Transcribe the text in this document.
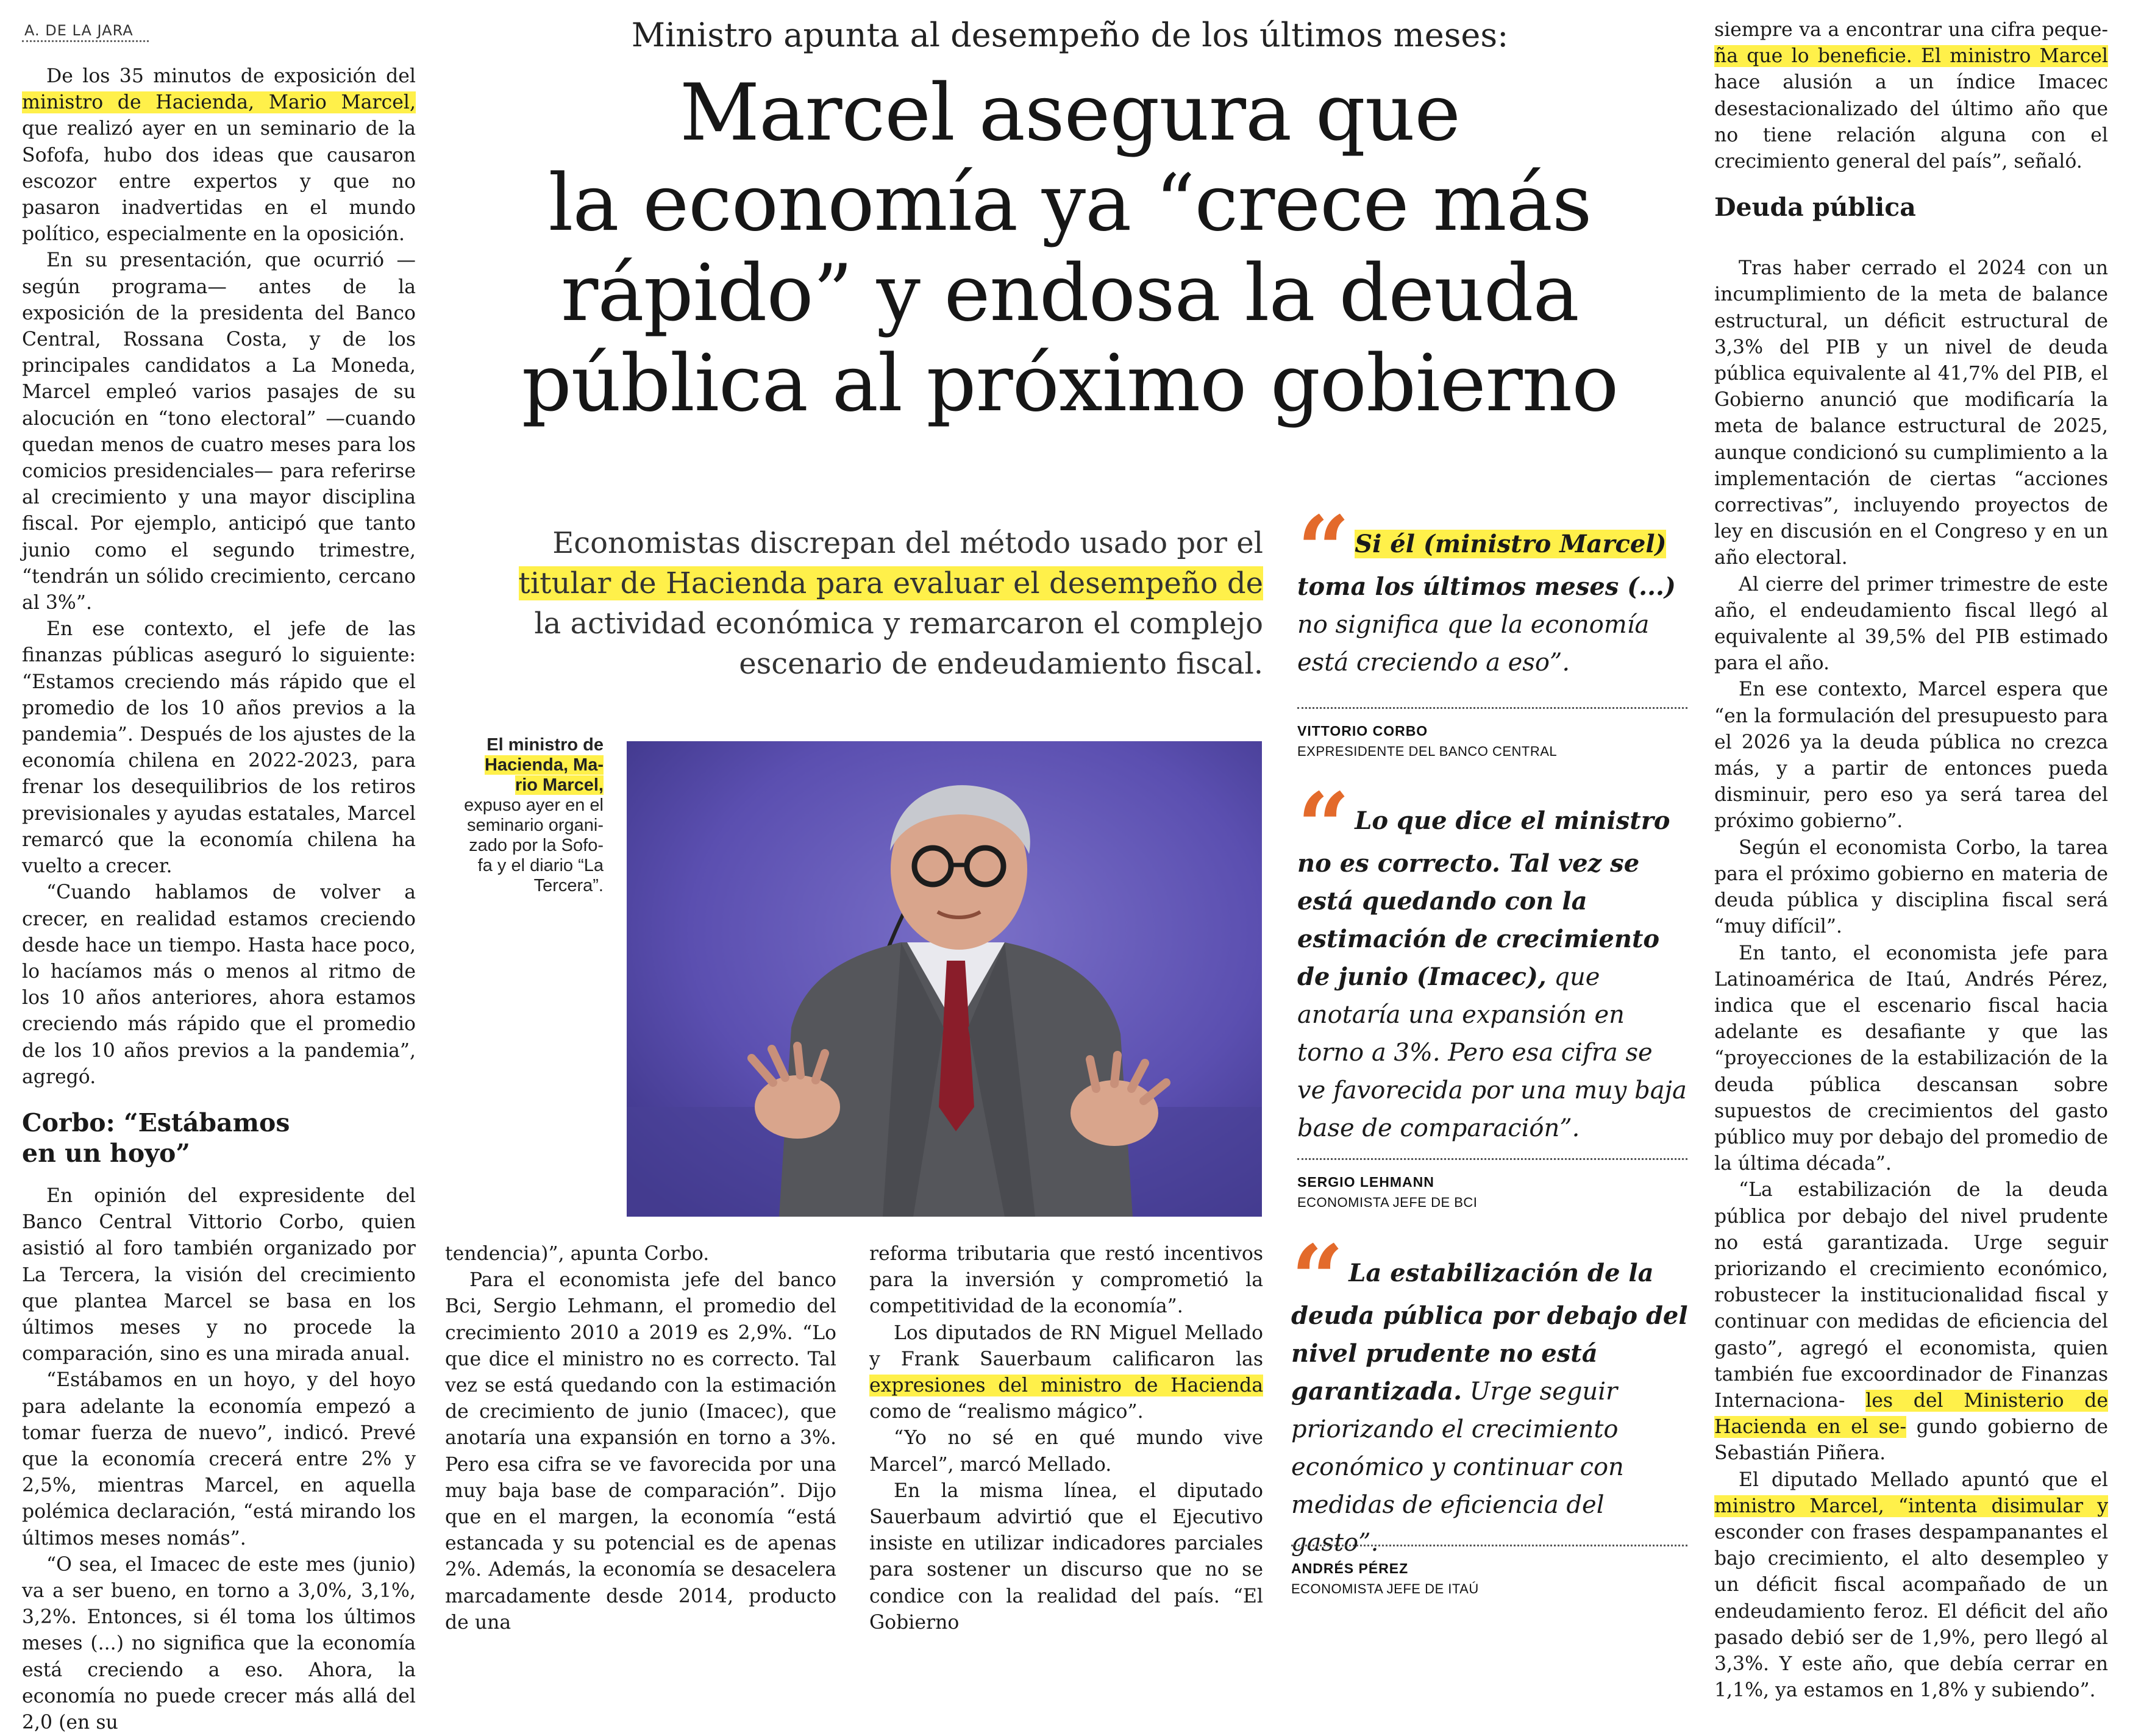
A. DE LA JARA

De los 35 minutos de exposición del ministro de Hacienda, Mario Marcel, que realizó ayer en un seminario de la Sofofa, hubo dos ideas que causaron escozor entre expertos y que no pasaron inadvertidas en el mundo político, especialmente en la oposición.

En su presentación, que ocurrió —según programa— antes de la exposición de la presidenta del Banco Central, Rossana Costa, y de los principales candidatos a La Moneda, Marcel empleó varios pasajes de su alocución en “tono electoral” —cuando quedan menos de cuatro meses para los comicios presidenciales— para referirse al crecimiento y una mayor disciplina fiscal. Por ejemplo, anticipó que tanto junio como el segundo trimestre, “tendrán un sólido crecimiento, cercano al 3%”.

En ese contexto, el jefe de las finanzas públicas aseguró lo siguiente: “Estamos creciendo más rápido que el promedio de los 10 años previos a la pandemia”. Después de los ajustes de la economía chilena en 2022-2023, para frenar los desequilibrios de los retiros previsionales y ayudas estatales, Marcel remarcó que la economía chilena ha vuelto a crecer.

“Cuando hablamos de volver a crecer, en realidad estamos creciendo desde hace un tiempo. Hasta hace poco, lo hacíamos más o menos al ritmo de los 10 años anteriores, ahora estamos creciendo más rápido que el promedio de los 10 años previos a la pandemia”, agregó.

Corbo: “Estábamos en un hoyo”

En opinión del expresidente del Banco Central Vittorio Corbo, quien asistió al foro también organizado por La Tercera, la visión del crecimiento que plantea Marcel se basa en los últimos meses y no procede la comparación, sino es una mirada anual.

“Estábamos en un hoyo, y del hoyo para adelante la economía empezó a tomar fuerza de nuevo”, indicó. Prevé que la economía crecerá entre 2% y 2,5%, mientras Marcel, en aquella polémica declaración, “está mirando los últimos meses nomás”.

“O sea, el Imacec de este mes (junio) va a ser bueno, en torno a 3,0%, 3,1%, 3,2%. Entonces, si él toma los últimos meses (...) no significa que la economía está creciendo a eso. Ahora, la economía no puede crecer más allá del 2,0 (en su

Ministro apunta al desempeño de los últimos meses:
Marcel asegura que
la economía ya “crece más
rápido” y endosa la deuda
pública al próximo gobierno
Economistas discrepan del método usado por el
titular de Hacienda para evaluar el desempeño de
la actividad económica y remarcaron el complejo
escenario de endeudamiento fiscal.
El ministro de
Hacienda, Ma-
rio Marcel,
expuso ayer en el
seminario organi-
zado por la Sofo-
fa y el diario “La
Tercera”.

tendencia)”, apunta Corbo.

Para el economista jefe del banco Bci, Sergio Lehmann, el promedio del crecimiento 2010 a 2019 es 2,9%. “Lo que dice el ministro no es correcto. Tal vez se está quedando con la estimación de crecimiento de junio (Imacec), que anotaría una expansión en torno a 3%. Pero esa cifra se ve favorecida por una muy baja base de comparación”. Dijo que en el margen, la economía “está estancada y su potencial es de apenas 2%. Además, la economía se desacelera marcadamente desde 2014, producto de una

reforma tributaria que restó incentivos para la inversión y comprometió la competitividad de la economía”.

Los diputados de RN Miguel Mellado y Frank Sauerbaum calificaron las expresiones del ministro de Hacienda como de “realismo mágico”.

“Yo no sé en qué mundo vive Marcel”, marcó Mellado.

En la misma línea, el diputado Sauerbaum advirtió que el Ejecutivo insiste en utilizar indicadores parciales para sostener un discurso que no se condice con la realidad del país. “El Gobierno

“ Si él (ministro Marcel) toma los últimos meses (...) no significa que la economía está creciendo a eso”.
VITTORIO CORBO
EXPRESIDENTE DEL BANCO CENTRAL
“ Lo que dice el ministro no es correcto. Tal vez se está quedando con la estimación de crecimiento de junio (Imacec), que anotaría una expansión en torno a 3%. Pero esa cifra se ve favorecida por una muy baja base de comparación”.
SERGIO LEHMANN
ECONOMISTA JEFE DE BCI
“ La estabilización de la deuda pública por debajo del nivel prudente no está garantizada. Urge seguir priorizando el crecimiento económico y continuar con medidas de eficiencia del gasto”.
ANDRÉS PÉREZ
ECONOMISTA JEFE DE ITAÚ

siempre va a encontrar una cifra peque- ña que lo beneficie. El ministro Marcel hace alusión a un índice Imacec desestacionalizado del último año que no tiene relación alguna con el crecimiento general del país”, señaló.

Deuda pública

Tras haber cerrado el 2024 con un incumplimiento de la meta de balance estructural, un déficit estructural de 3,3% del PIB y un nivel de deuda pública equivalente al 41,7% del PIB, el Gobierno anunció que modificaría la meta de balance estructural de 2025, aunque condicionó su cumplimiento a la implementación de ciertas “acciones correctivas”, incluyendo proyectos de ley en discusión en el Congreso y en un año electoral.

Al cierre del primer trimestre de este año, el endeudamiento fiscal llegó al equivalente al 39,5% del PIB estimado para el año.

En ese contexto, Marcel espera que “en la formulación del presupuesto para el 2026 ya la deuda pública no crezca más, y a partir de entonces pueda disminuir, pero eso ya será tarea del próximo gobierno”.

Según el economista Corbo, la tarea para el próximo gobierno en materia de deuda pública y disciplina fiscal será “muy difícil”.

En tanto, el economista jefe para Latinoamérica de Itaú, Andrés Pérez, indica que el escenario fiscal hacia adelante es desafiante y que las “proyecciones de la estabilización de la deuda pública descansan sobre supuestos de crecimientos del gasto público muy por debajo del promedio de la última década”.

“La estabilización de la deuda pública por debajo del nivel prudente no está garantizada. Urge seguir priorizando el crecimiento económico, robustecer la institucionalidad fiscal y continuar con medidas de eficiencia del gasto”, agregó el economista, quien también fue excoordinador de Finanzas Internaciona- les del Ministerio de Hacienda en el se- gundo gobierno de Sebastián Piñera.

El diputado Mellado apuntó que el ministro Marcel, “intenta disimular y esconder con frases despampanantes el bajo crecimiento, el alto desempleo y un déficit fiscal acompañado de un endeudamiento feroz. El déficit del año pasado debió ser de 1,9%, pero llegó al 3,3%. Y este año, que debía cerrar en 1,1%, ya estamos en 1,8% y subiendo”.
